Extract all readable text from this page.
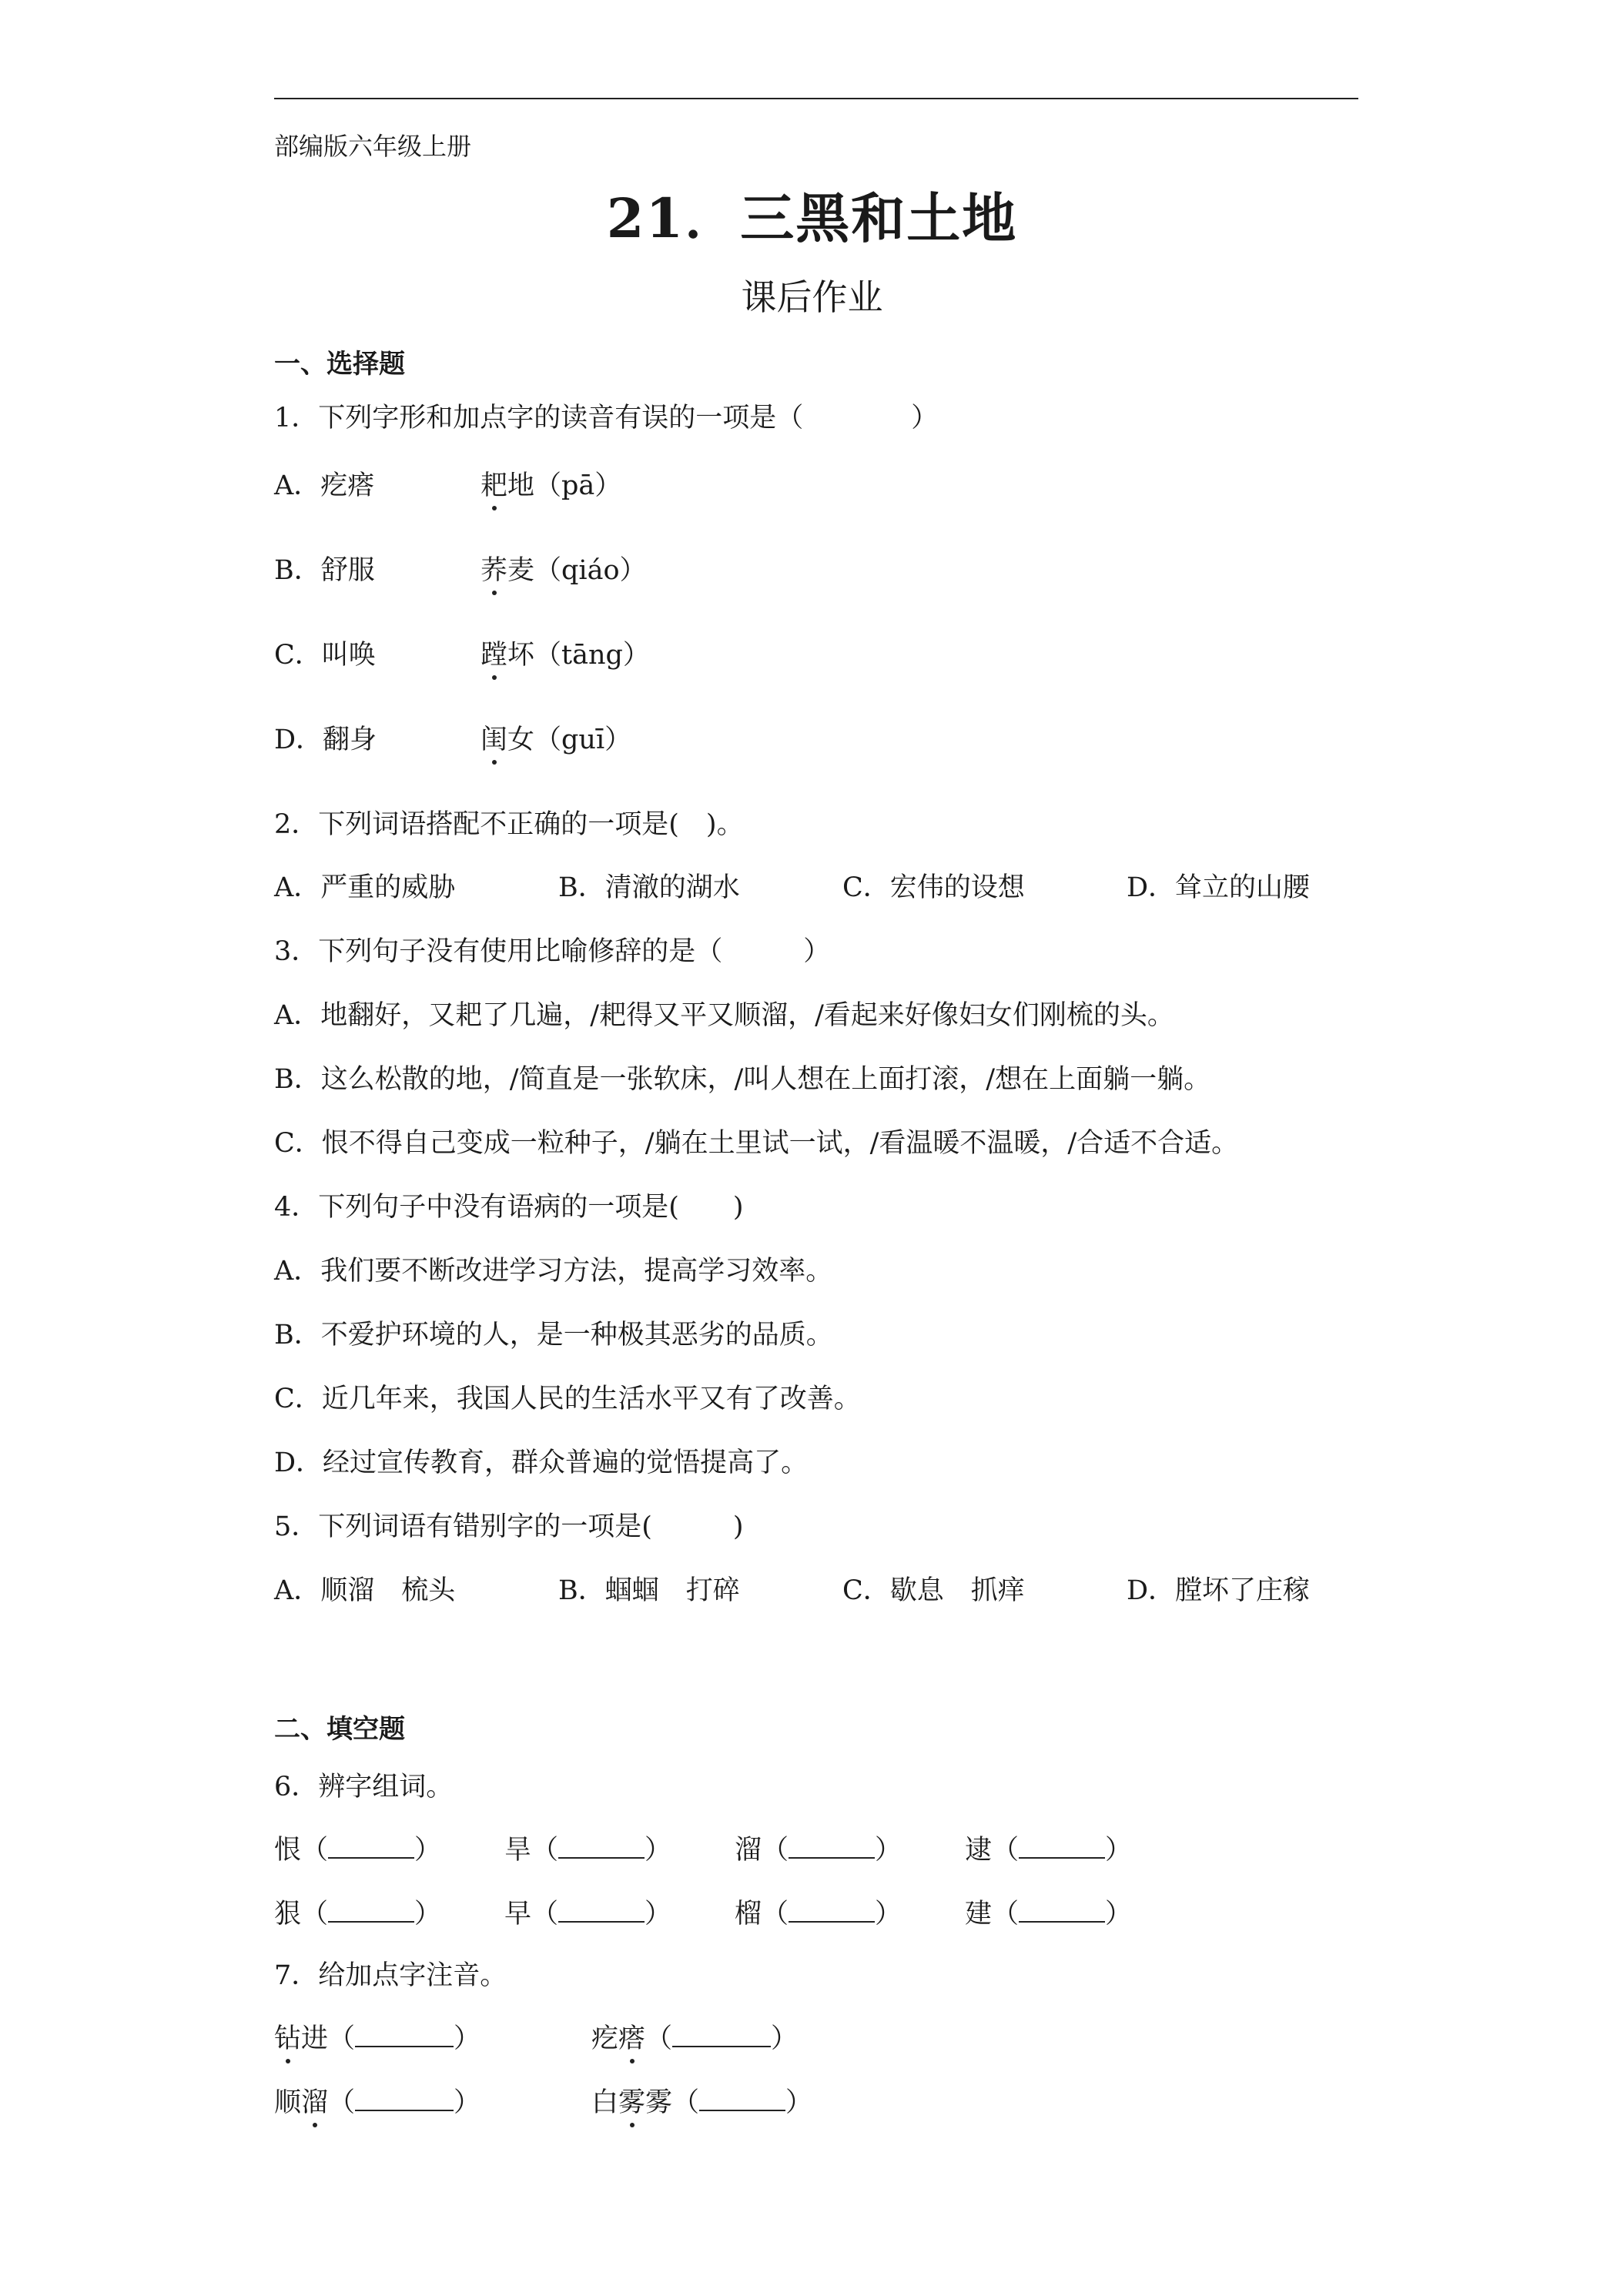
部编版六年级上册
21．三黑和土地
课后作业
一、选择题
1．下列字形和加点字的读音有误的一项是（　　　　）
A．疙瘩	耙地（pā）
B．舒服	荞麦（qiáo）
C．叫唤	蹚坏（tāng）
D．翻身	闺女（guī）
2．下列词语搭配不正确的一项是(　)。
A．严重的威胁	B．清澈的湖水	C．宏伟的设想	D．耸立的山腰
3．下列句子没有使用比喻修辞的是（　　　）
A．地翻好，又耙了几遍，/耙得又平又顺溜，/看起来好像妇女们刚梳的头。
B．这么松散的地，/简直是一张软床，/叫人想在上面打滚，/想在上面躺一躺。
C．恨不得自己变成一粒种子，/躺在土里试一试，/看温暖不温暖，/合适不合适。
4．下列句子中没有语病的一项是(　　)
A．我们要不断改进学习方法，提高学习效率。
B．不爱护环境的人，是一种极其恶劣的品质。
C．近几年来，我国人民的生活水平又有了改善。
D．经过宣传教育，群众普遍的觉悟提高了。
5．下列词语有错别字的一项是(　　　)
A．顺溜　梳头	B．蝈蝈　打碎	C．歇息　抓痒	D．膛坏了庄稼
二、填空题
6．辨字组词。
恨（	） 旱（	） 溜（	） 逮（	）
狠（	） 早（	） 榴（	） 建（	）
7．给加点字注音。
钻进（	）	疙瘩（	）
顺溜（	）	白雾雾（	）
